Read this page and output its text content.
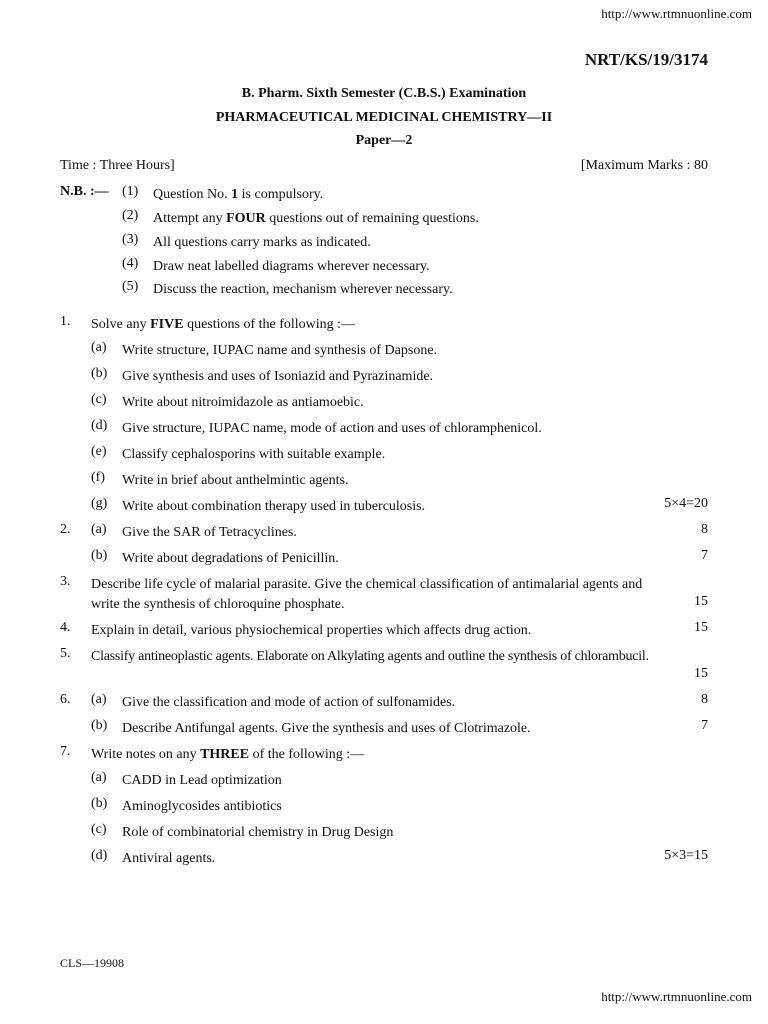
http://www.rtmnuonline.com
NRT/KS/19/3174
B. Pharm. Sixth Semester (C.B.S.) Examination
PHARMACEUTICAL MEDICINAL CHEMISTRY—II
Paper—2
Time : Three Hours]	[Maximum Marks : 80
N.B. :— (1) Question No. 1 is compulsory.
(2) Attempt any FOUR questions out of remaining questions.
(3) All questions carry marks as indicated.
(4) Draw neat labelled diagrams wherever necessary.
(5) Discuss the reaction, mechanism wherever necessary.
1. Solve any FIVE questions of the following :—
(a) Write structure, IUPAC name and synthesis of Dapsone.
(b) Give synthesis and uses of Isoniazid and Pyrazinamide.
(c) Write about nitroimidazole as antiamoebic.
(d) Give structure, IUPAC name, mode of action and uses of chloramphenicol.
(e) Classify cephalosporins with suitable example.
(f) Write in brief about anthelmintic agents.
(g) Write about combination therapy used in tuberculosis.	5×4=20
2. (a) Give the SAR of Tetracyclines.	8
(b) Write about degradations of Penicillin.	7
3. Describe life cycle of malarial parasite. Give the chemical classification of antimalarial agents and
write the synthesis of chloroquine phosphate.	15
4. Explain in detail, various physiochemical properties which affects drug action.	15
5. Classify antineoplastic agents. Elaborate on Alkylating agents and outline the synthesis of chlorambucil.
15
6. (a) Give the classification and mode of action of sulfonamides.	8
(b) Describe Antifungal agents. Give the synthesis and uses of Clotrimazole.	7
7. Write notes on any THREE of the following :—
(a) CADD in Lead optimization
(b) Aminoglycosides antibiotics
(c) Role of combinatorial chemistry in Drug Design
(d) Antiviral agents.	5×3=15
CLS—19908
http://www.rtmnuonline.com
